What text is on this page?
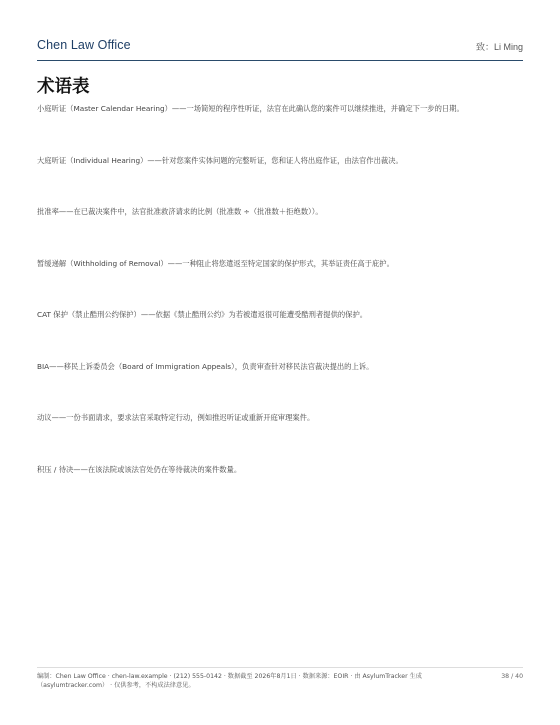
Chen Law Office	致：Li Ming
术语表
小庭听证（Master Calendar Hearing）——一场简短的程序性听证，法官在此确认您的案件可以继续推进，并确定下一步的日期。
大庭听证（Individual Hearing）——针对您案件实体问题的完整听证，您和证人将出庭作证，由法官作出裁决。
批准率——在已裁决案件中，法官批准救济请求的比例（批准数 ÷（批准数＋拒绝数））。
暂缓递解（Withholding of Removal）——一种阻止将您遣返至特定国家的保护形式，其举证责任高于庇护。
CAT 保护（禁止酷刑公约保护）——依据《禁止酷刑公约》为若被遣返很可能遭受酷刑者提供的保护。
BIA——移民上诉委员会（Board of Immigration Appeals），负责审查针对移民法官裁决提出的上诉。
动议——一份书面请求，要求法官采取特定行动，例如推迟听证或重新开庭审理案件。
积压 / 待决——在该法院或该法官处仍在等待裁决的案件数量。
编制：Chen Law Office · chen-law.example · (212) 555-0142 · 数据截至 2026年8月1日 · 数据来源：EOIR · 由 AsylumTracker 生成（asylumtracker.com） · 仅供参考，不构成法律意见。
38 / 40
